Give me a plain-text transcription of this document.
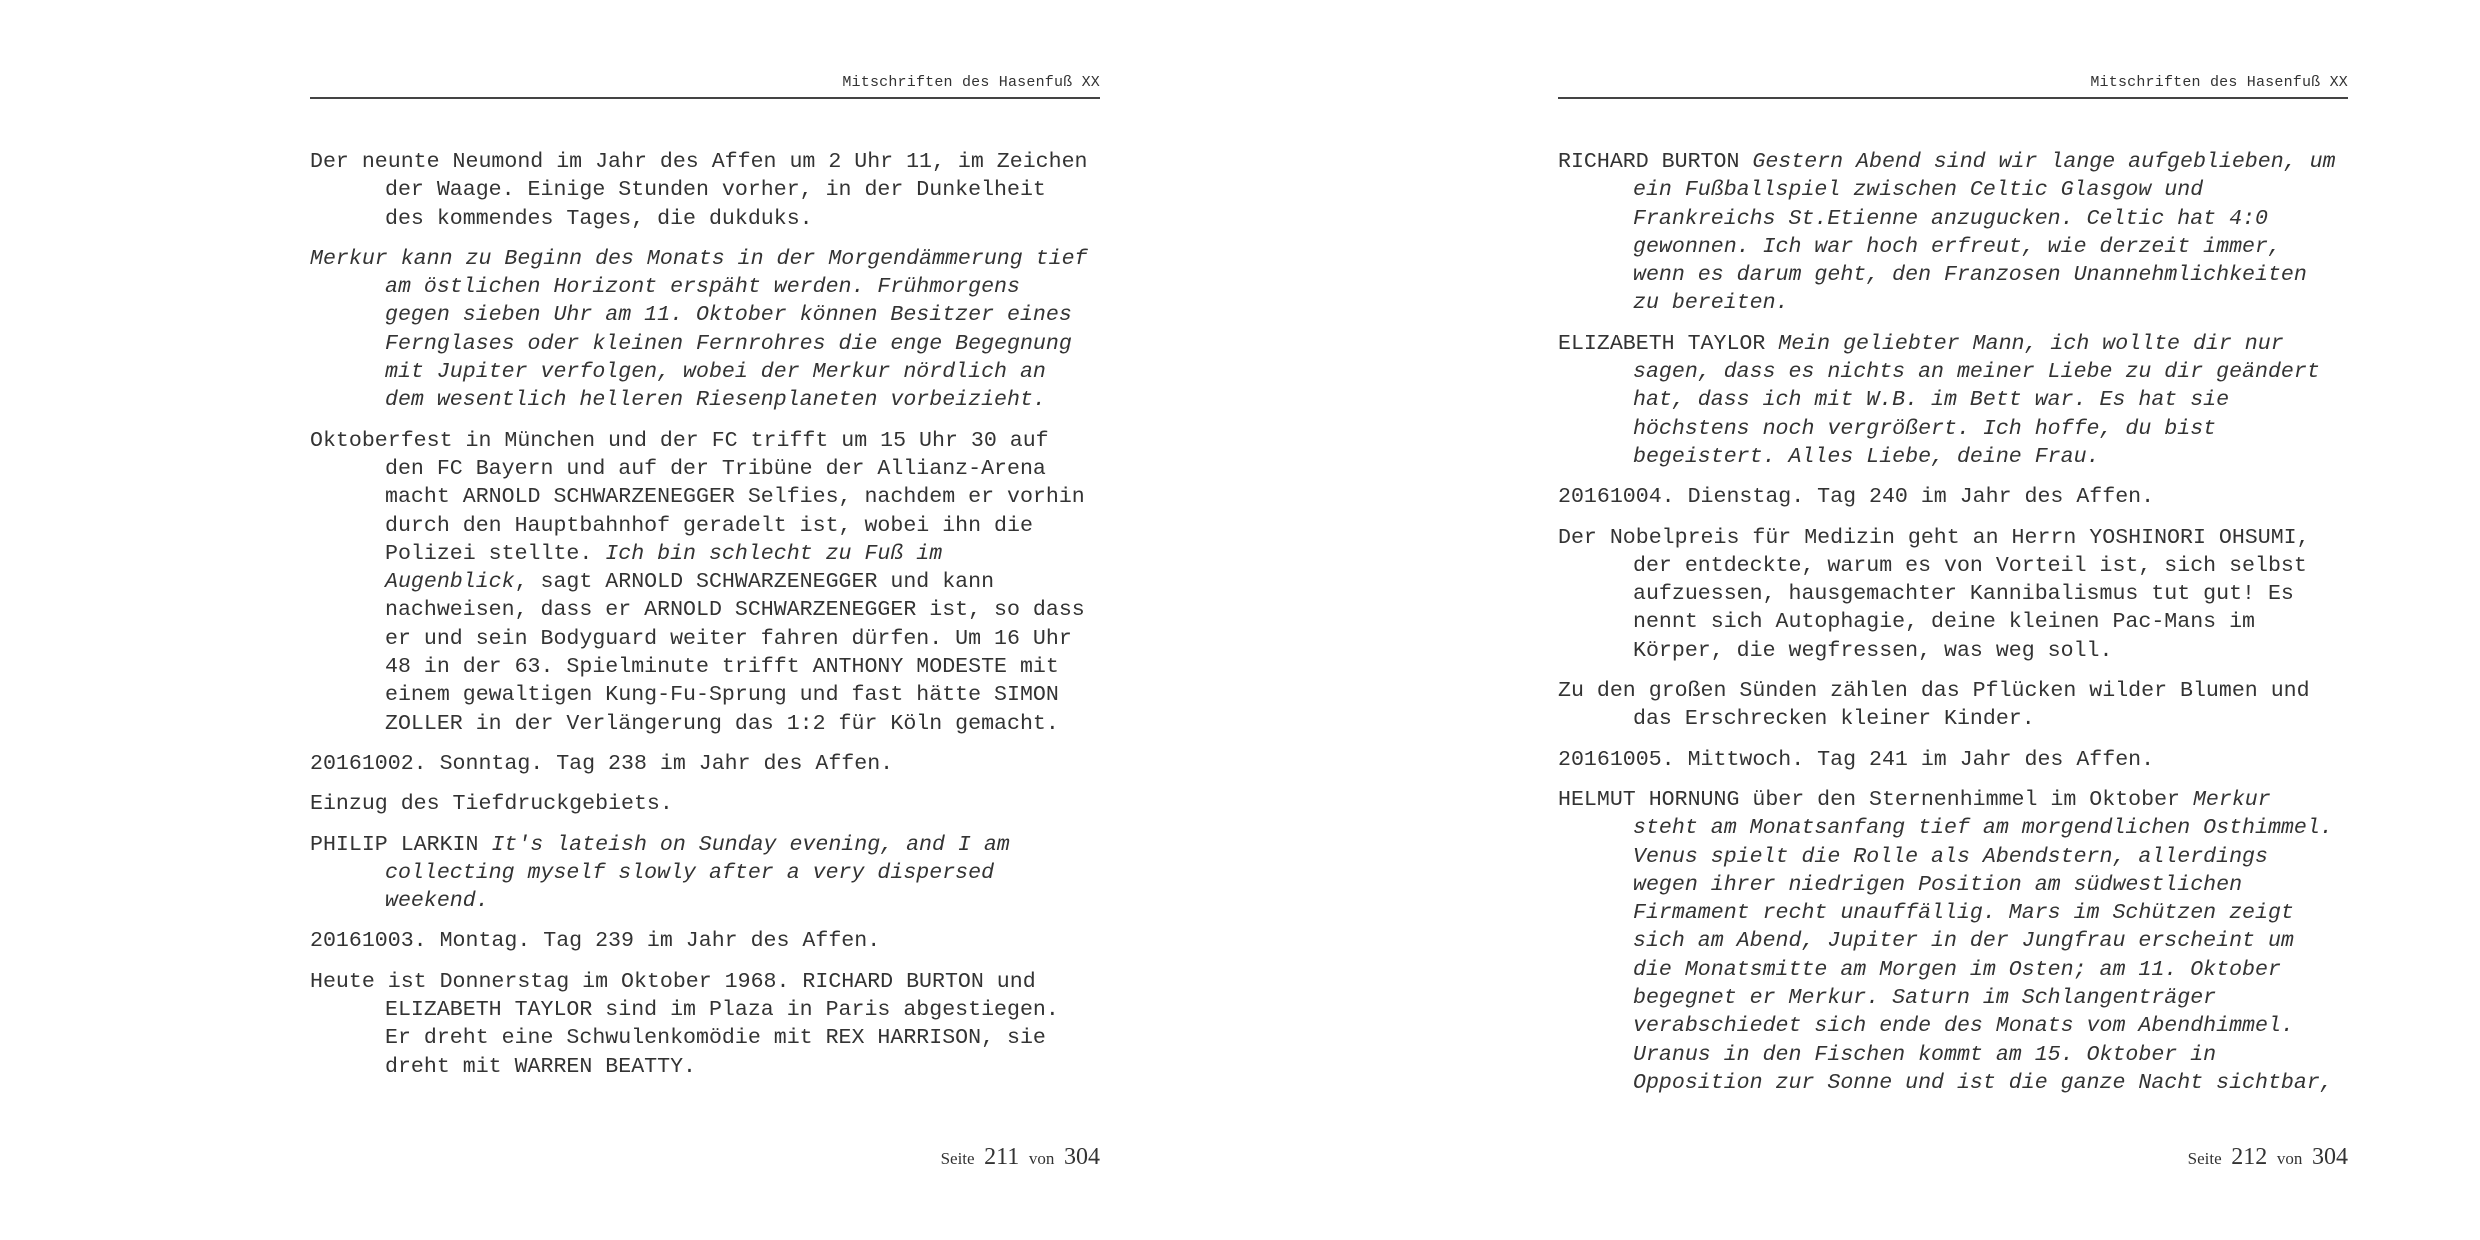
Mitschriften des Hasenfuß XX

Der neunte Neumond im Jahr des Affen um 2 Uhr 11, im Zeichen
der Waage. Einige Stunden vorher, in der Dunkelheit
des kommendes Tages, die dukduks.

Merkur kann zu Beginn des Monats in der Morgendämmerung tief
am östlichen Horizont erspäht werden. Frühmorgens
gegen sieben Uhr am 11. Oktober können Besitzer eines
Fernglases oder kleinen Fernrohres die enge Begegnung
mit Jupiter verfolgen, wobei der Merkur nördlich an
dem wesentlich helleren Riesenplaneten vorbeizieht.

Oktoberfest in München und der FC trifft um 15 Uhr 30 auf
den FC Bayern und auf der Tribüne der Allianz-Arena
macht ARNOLD SCHWARZENEGGER Selfies, nachdem er vorhin
durch den Hauptbahnhof geradelt ist, wobei ihn die
Polizei stellte. Ich bin schlecht zu Fuß im
Augenblick, sagt ARNOLD SCHWARZENEGGER und kann
nachweisen, dass er ARNOLD SCHWARZENEGGER ist, so dass
er und sein Bodyguard weiter fahren dürfen. Um 16 Uhr
48 in der 63. Spielminute trifft ANTHONY MODESTE mit
einem gewaltigen Kung-Fu-Sprung und fast hätte SIMON
ZOLLER in der Verlängerung das 1:2 für Köln gemacht.

20161002. Sonntag. Tag 238 im Jahr des Affen.

Einzug des Tiefdruckgebiets.

PHILIP LARKIN It's lateish on Sunday evening, and I am
collecting myself slowly after a very dispersed
weekend.

20161003. Montag. Tag 239 im Jahr des Affen.

Heute ist Donnerstag im Oktober 1968. RICHARD BURTON und
ELIZABETH TAYLOR sind im Plaza in Paris abgestiegen.
Er dreht eine Schwulenkomödie mit REX HARRISON, sie
dreht mit WARREN BEATTY.

Seite 211 von 304
Mitschriften des Hasenfuß XX

RICHARD BURTON Gestern Abend sind wir lange aufgeblieben, um
ein Fußballspiel zwischen Celtic Glasgow und
Frankreichs St.Etienne anzugucken. Celtic hat 4:0
gewonnen. Ich war hoch erfreut, wie derzeit immer,
wenn es darum geht, den Franzosen Unannehmlichkeiten
zu bereiten.

ELIZABETH TAYLOR Mein geliebter Mann, ich wollte dir nur
sagen, dass es nichts an meiner Liebe zu dir geändert
hat, dass ich mit W.B. im Bett war. Es hat sie
höchstens noch vergrößert. Ich hoffe, du bist
begeistert. Alles Liebe, deine Frau.

20161004. Dienstag. Tag 240 im Jahr des Affen.

Der Nobelpreis für Medizin geht an Herrn YOSHINORI OHSUMI,
der entdeckte, warum es von Vorteil ist, sich selbst
aufzuessen, hausgemachter Kannibalismus tut gut! Es
nennt sich Autophagie, deine kleinen Pac-Mans im
Körper, die wegfressen, was weg soll.

Zu den großen Sünden zählen das Pflücken wilder Blumen und
das Erschrecken kleiner Kinder.

20161005. Mittwoch. Tag 241 im Jahr des Affen.

HELMUT HORNUNG über den Sternenhimmel im Oktober Merkur
steht am Monatsanfang tief am morgendlichen Osthimmel.
Venus spielt die Rolle als Abendstern, allerdings
wegen ihrer niedrigen Position am südwestlichen
Firmament recht unauffällig. Mars im Schützen zeigt
sich am Abend, Jupiter in der Jungfrau erscheint um
die Monatsmitte am Morgen im Osten; am 11. Oktober
begegnet er Merkur. Saturn im Schlangenträger
verabschiedet sich ende des Monats vom Abendhimmel.
Uranus in den Fischen kommt am 15. Oktober in
Opposition zur Sonne und ist die ganze Nacht sichtbar,

Seite 212 von 304
